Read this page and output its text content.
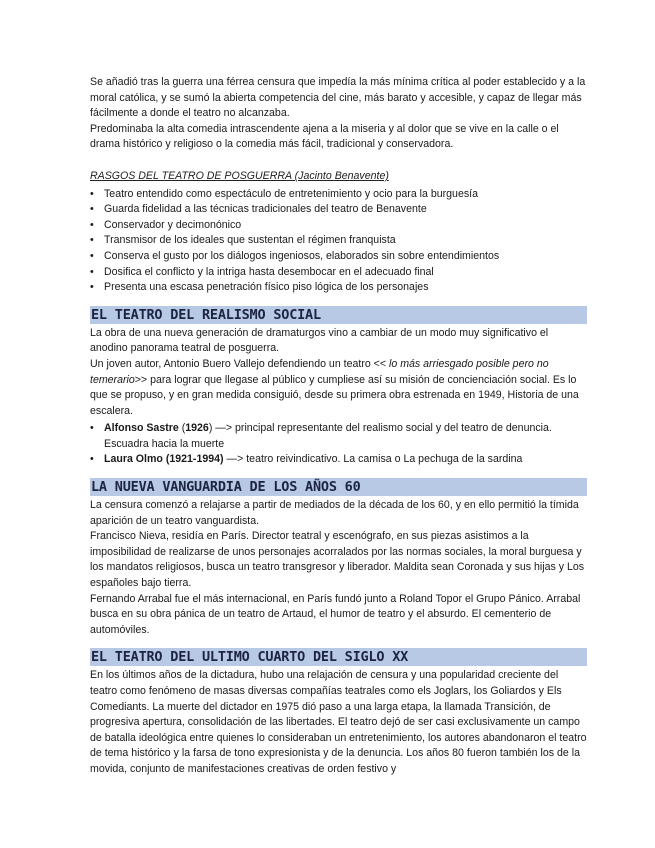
Se añadió tras la guerra una férrea censura que impedía la más mínima crítica al poder establecido y a la moral católica, y se sumó la abierta competencia del cine, más barato y accesible, y capaz de llegar más fácilmente a donde el teatro no alcanzaba.

Predominaba la alta comedia intrascendente ajena a la miseria y al dolor que se vive en la calle o el drama histórico y religioso o la comedia más fácil, tradicional y conservadora.

RASGOS DEL TEATRO DE POSGUERRA (Jacinto Benavente)

• Teatro entendido como espectáculo de entretenimiento y ocio para la burguesía
• Guarda fidelidad a las técnicas tradicionales del teatro de Benavente
• Conservador y decimonónico
• Transmisor de los ideales que sustentan el régimen franquista
• Conserva el gusto por los diálogos ingeniosos, elaborados sin sobre entendimientos
• Dosifica el conflicto y la intriga hasta desembocar en el adecuado final
• Presenta una escasa penetración físico piso lógica de los personajes
EL TEATRO DEL REALISMO SOCIAL

La obra de una nueva generación de dramaturgos vino a cambiar de un modo muy significativo el anodino panorama teatral de posguerra.

Un joven autor, Antonio Buero Vallejo defendiendo un teatro << lo más arriesgado posible pero no temerario>> para lograr que llegase al público y cumpliese así su misión de concienciación social. Es lo que se propuso, y en gran medida consiguió, desde su primera obra estrenada en 1949, Historia de una escalera.

• Alfonso Sastre (1926) —> principal representante del realismo social y del teatro de denuncia. Escuadra hacia la muerte
• Laura Olmo (1921-1994) —> teatro reivindicativo. La camisa o La pechuga de la sardina
LA NUEVA VANGUARDIA DE LOS AÑOS 60

La censura comenzó a relajarse a partir de mediados de la década de los 60, y en ello permitió la tímida aparición de un teatro vanguardista.

Francisco Nieva, residía en París. Director teatral y escenógrafo, en sus piezas asistimos a la imposibilidad de realizarse de unos personajes acorralados por las normas sociales, la moral burguesa y los mandatos religiosos, busca un teatro transgresor y liberador. Maldita sean Coronada y sus hijas y Los españoles bajo tierra.

Fernando Arrabal fue el más internacional, en París fundó junto a Roland Topor el Grupo Pánico. Arrabal busca en su obra pánica de un teatro de Artaud, el humor de teatro y el absurdo. El cementerio de automóviles.

EL TEATRO DEL ULTIMO CUARTO DEL SIGLO XX

En los últimos años de la dictadura, hubo una relajación de censura y una popularidad creciente del teatro como fenómeno de masas diversas compañías teatrales como els Joglars, los Goliardos y Els Comediants. La muerte del dictador en 1975 dió paso a una larga etapa, la llamada Transición, de progresiva apertura, consolidación de las libertades. El teatro dejó de ser casi exclusivamente un campo de batalla ideológica entre quienes lo consideraban un entretenimiento, los autores abandonaron el teatro de tema histórico y la farsa de tono expresionista y de la denuncia. Los años 80 fueron también los de la movida, conjunto de manifestaciones creativas de orden festivo y
